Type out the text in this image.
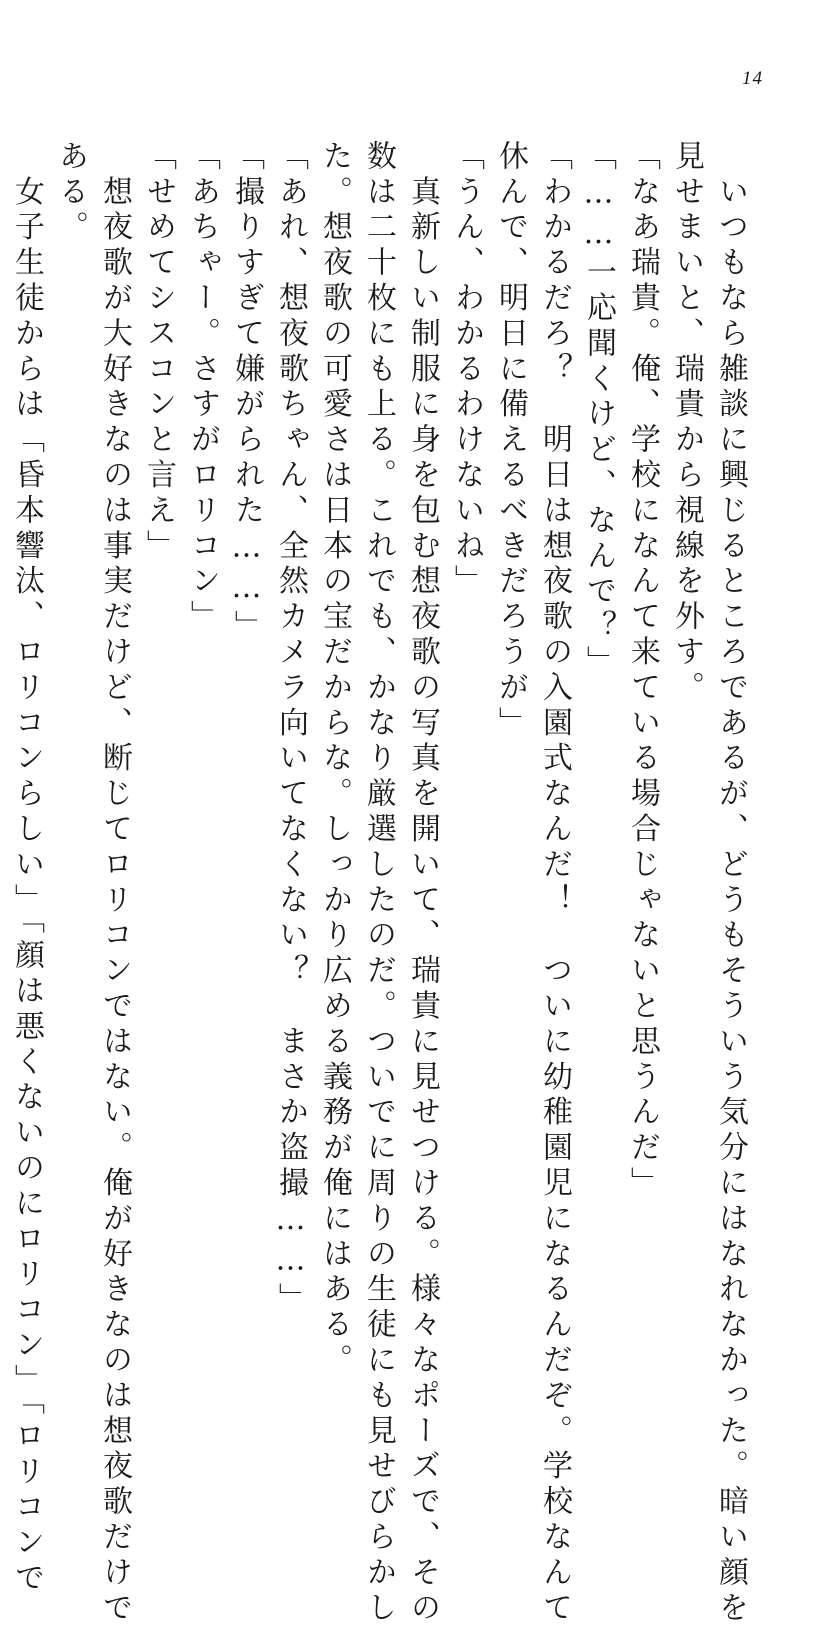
14
　いつもなら雑談に興じるところであるが、どうもそういう気分にはなれなかった。暗い顔を
見せまいと、瑞貴から視線を外す。
「なあ瑞貴。俺、学校になんて来ている場合じゃないと思うんだ」
「……一応聞くけど、なんで？」
「わかるだろ？　明日は想夜歌の入園式なんだ！　ついに幼稚園児になるんだぞ。学校なんて
休んで、明日に備えるべきだろうが」
「うん、わかるわけないね」
　真新しい制服に身を包む想夜歌の写真を開いて、瑞貴に見せつける。様々なポーズで、その
数は二十枚にも上る。これでも、かなり厳選したのだ。ついでに周りの生徒にも見せびらかし
た。想夜歌の可愛さは日本の宝だからな。しっかり広める義務が俺にはある。
「あれ、想夜歌ちゃん、全然カメラ向いてなくない？　まさか盗撮……」
「撮りすぎて嫌がられた……」
「あちゃー。さすがロリコン」
「せめてシスコンと言え」
　想夜歌が大好きなのは事実だけど、断じてロリコンではない。俺が好きなのは想夜歌だけで
ある。
　女子生徒からは「昏本響汰、ロリコンらしい」「顔は悪くないのにロリコン」「ロリコンで
